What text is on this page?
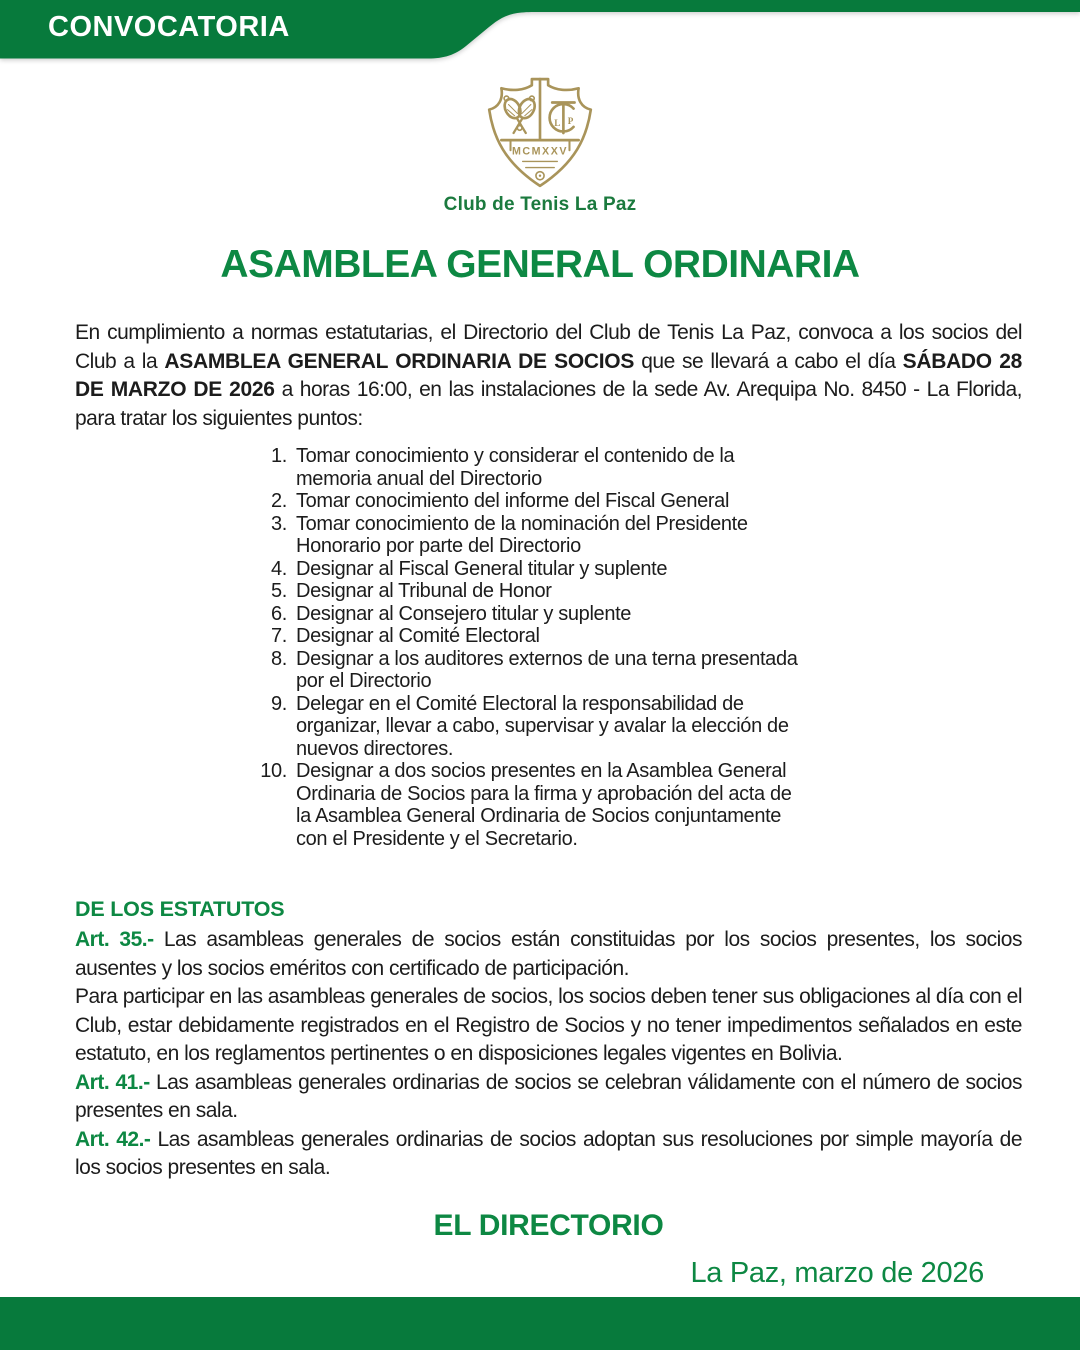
CONVOCATORIA
L P
MCMXXV
Club de Tenis La Paz
ASAMBLEA GENERAL ORDINARIA

En cumplimiento a normas estatutarias, el Directorio del Club de Tenis La Paz, convoca a los socios del Club a la ASAMBLEA GENERAL ORDINARIA DE SOCIOS que se llevará a cabo el día SÁBADO 28 DE MARZO DE 2026 a horas 16:00, en las instalaciones de la sede Av. Arequipa No. 8450 - La Florida, para tratar los siguientes puntos:

1. Tomar conocimiento y considerar el contenido de la memoria anual del Directorio
2. Tomar conocimiento del informe del Fiscal General
3. Tomar conocimiento de la nominación del Presidente Honorario por parte del Directorio
4. Designar al Fiscal General titular y suplente
5. Designar al Tribunal de Honor
6. Designar al Consejero titular y suplente
7. Designar al Comité Electoral
8. Designar a los auditores externos de una terna presentada por el Directorio
9. Delegar en el Comité Electoral la responsabilidad de organizar, llevar a cabo, supervisar y avalar la elección de nuevos directores.
10. Designar a dos socios presentes en la Asamblea General Ordinaria de Socios para la firma y aprobación del acta de la Asamblea General Ordinaria de Socios conjuntamente con el Presidente y el Secretario.
DE LOS ESTATUTOS

Art. 35.- Las asambleas generales de socios están constituidas por los socios presentes, los socios ausentes y los socios eméritos con certificado de participación.

Para participar en las asambleas generales de socios, los socios deben tener sus obligaciones al día con el Club, estar debidamente registrados en el Registro de Socios y no tener impedimentos señalados en este estatuto, en los reglamentos pertinentes o en disposiciones legales vigentes en Bolivia.

Art. 41.- Las asambleas generales ordinarias de socios se celebran válidamente con el número de socios presentes en sala.

Art. 42.- Las asambleas generales ordinarias de socios adoptan sus resoluciones por simple mayoría de los socios presentes en sala.

EL DIRECTORIO
La Paz, marzo de 2026
